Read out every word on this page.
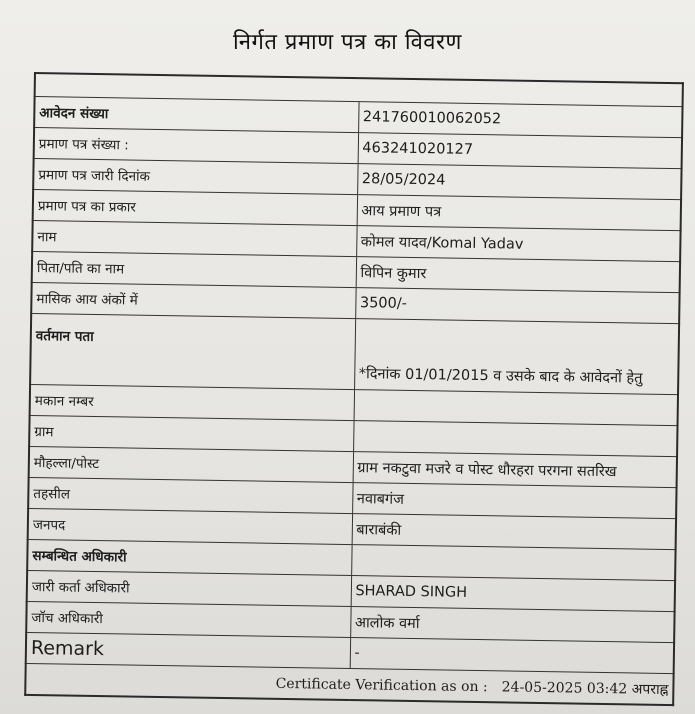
निर्गत प्रमाण पत्र का विवरण

आवेदन संख्या	241760010062052
प्रमाण पत्र संख्या :	463241020127
प्रमाण पत्र जारी दिनांक	28/05/2024
प्रमाण पत्र का प्रकार	आय प्रमाण पत्र
नाम	कोमल यादव/Komal Yadav
पिता/पति का नाम	विपिन कुमार
मासिक आय अंकों में	3500/-
वर्तमान पता	*दिनांक 01/01/2015 व उसके बाद के आवेदनों हेतु
मकान नम्बर	
ग्राम	
मौहल्ला/पोस्ट	ग्राम नकटुवा मजरे व पोस्ट धौरहरा परगना सतरिख
तहसील	नवाबगंज
जनपद	बाराबंकी
सम्बन्धित अधिकारी	
जारी कर्ता अधिकारी	SHARAD SINGH
जॉच अधिकारी	आलोक वर्मा
Remark	-
Certificate Verification as on : 24-05-2025 03:42 अपराह्न	
